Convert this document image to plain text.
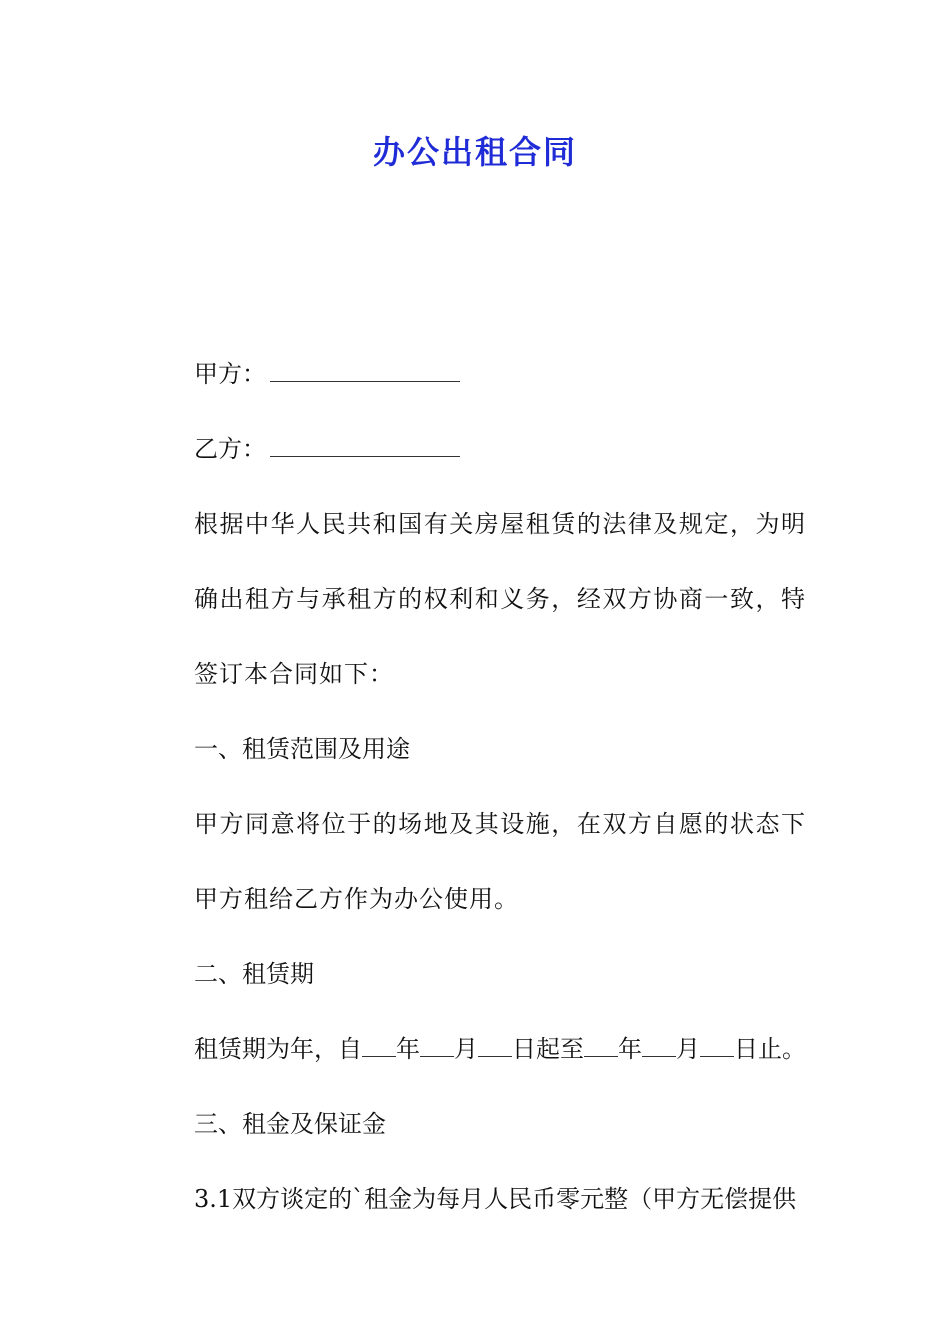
办公出租合同

甲方：

乙方：

根据中华人民共和国有关房屋租赁的法律及规定，为明确出租方与承租方的权利和义务，经双方协商一致，特签订本合同如下：

一、租赁范围及用途

甲方同意将位于的场地及其设施，在双方自愿的状态下甲方租给乙方作为办公使用。

二、租赁期

租赁期为年，自 年 月 日起至 年 月 日止。

三、租金及保证金

3.1双方谈定的`租金为每月人民币零元整（甲方无偿提供
